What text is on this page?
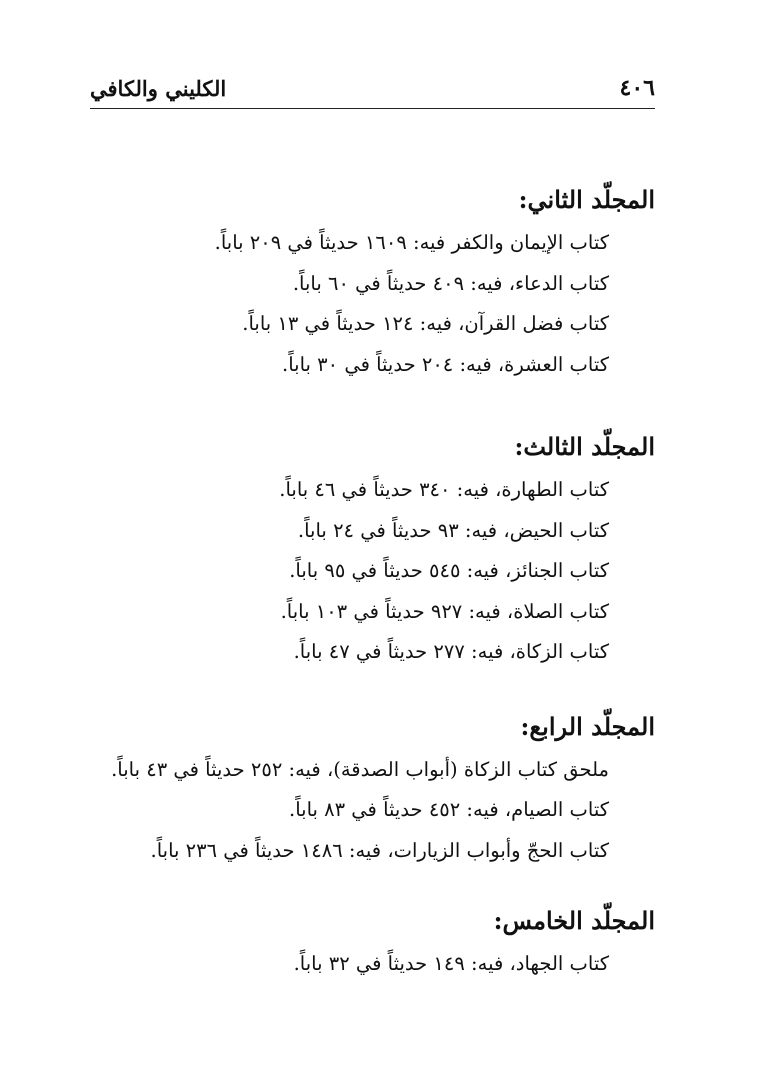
٤٠٦
الكليني والكافي
المجلّد الثاني:
كتاب الإيمان والكفر فيه: ١٦٠٩ حديثاً في ٢٠٩ باباً.
كتاب الدعاء، فيه: ٤٠٩ حديثاً في ٦٠ باباً.
كتاب فضل القرآن، فيه: ١٢٤ حديثاً في ١٣ باباً.
كتاب العشرة، فيه: ٢٠٤ حديثاً في ٣٠ باباً.
المجلّد الثالث:
كتاب الطهارة، فيه: ٣٤٠ حديثاً في ٤٦ باباً.
كتاب الحيض، فيه: ٩٣ حديثاً في ٢٤ باباً.
كتاب الجنائز، فيه: ٥٤٥ حديثاً في ٩٥ باباً.
كتاب الصلاة، فيه: ٩٢٧ حديثاً في ١٠٣ باباً.
كتاب الزكاة، فيه: ٢٧٧ حديثاً في ٤٧ باباً.
المجلّد الرابع:
ملحق كتاب الزكاة (أبواب الصدقة)، فيه: ٢٥٢ حديثاً في ٤٣ باباً.
كتاب الصيام، فيه: ٤٥٢ حديثاً في ٨٣ باباً.
كتاب الحجّ وأبواب الزيارات، فيه: ١٤٨٦ حديثاً في ٢٣٦ باباً.
المجلّد الخامس:
كتاب الجهاد، فيه: ١٤٩ حديثاً في ٣٢ باباً.
